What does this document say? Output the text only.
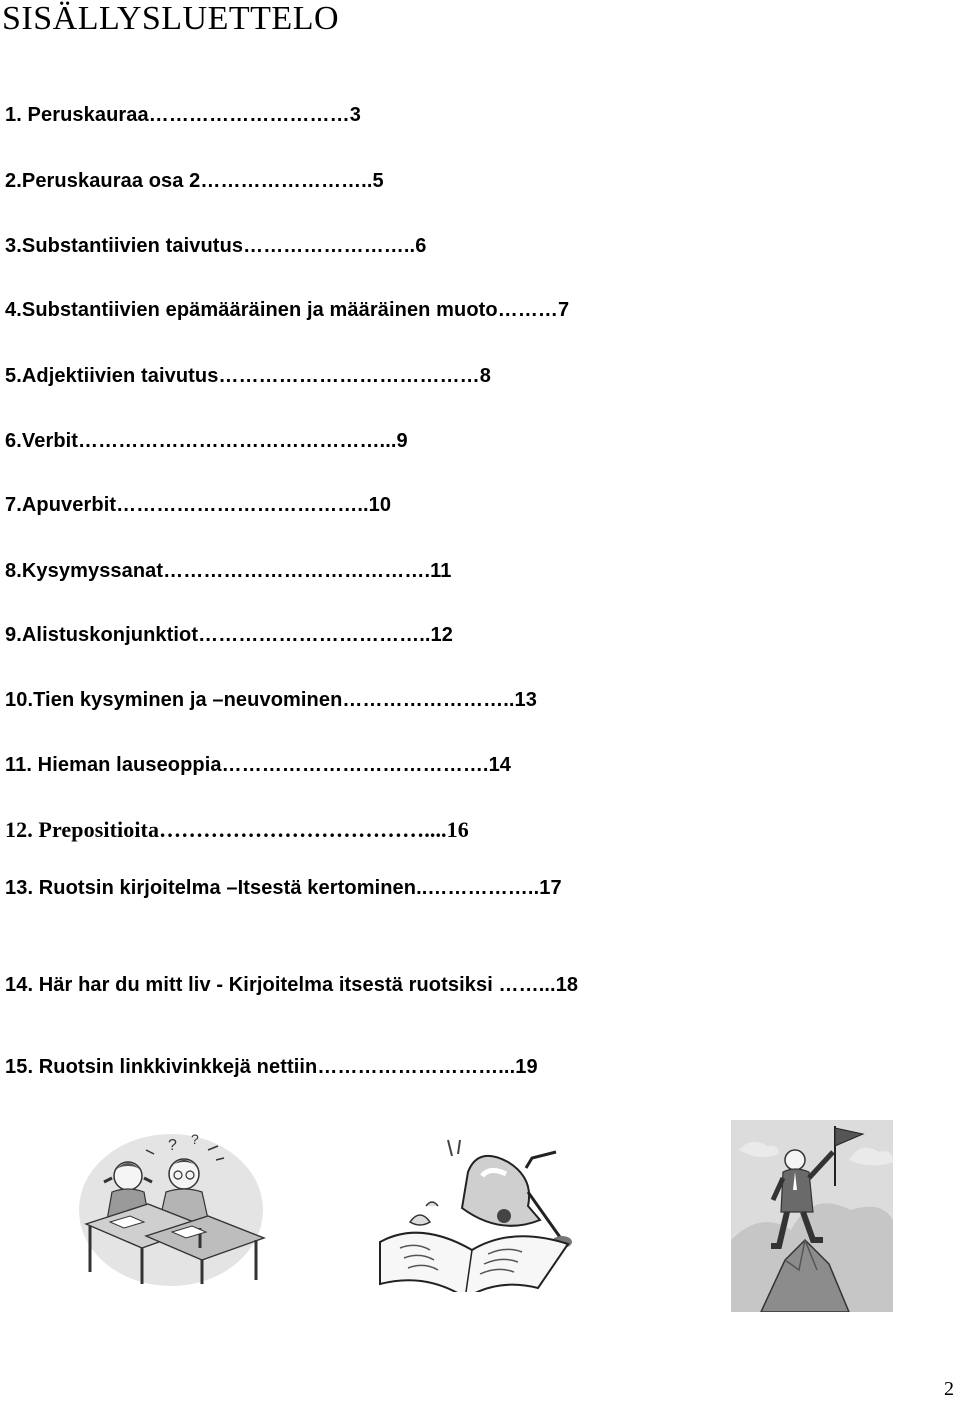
SISÄLLYSLUETTELO
1. Peruskauraa…………………………3
2.Peruskauraa osa 2……………………..5
3.Substantiivien taivutus……………………..6
4.Substantiivien epämääräinen ja määräinen muoto………7
5.Adjektiivien taivutus…………………………………8
6.Verbit………………………………………...9
7.Apuverbit………………………………..10
8.Kysymyssanat………………………………….11
9.Alistuskonjunktiot……………………………..12
10.Tien kysyminen ja –neuvominen……………………..13
11. Hieman lauseoppia………………………………….14
12. Prepositioita………………………………....16
13. Ruotsin kirjoitelma –Itsestä kertominen..……………..17
14. Här har du mitt liv - Kirjoitelma itsestä ruotsiksi ……...18
15. Ruotsin linkkivinkkejä nettiin………………………...19
? ?
2
